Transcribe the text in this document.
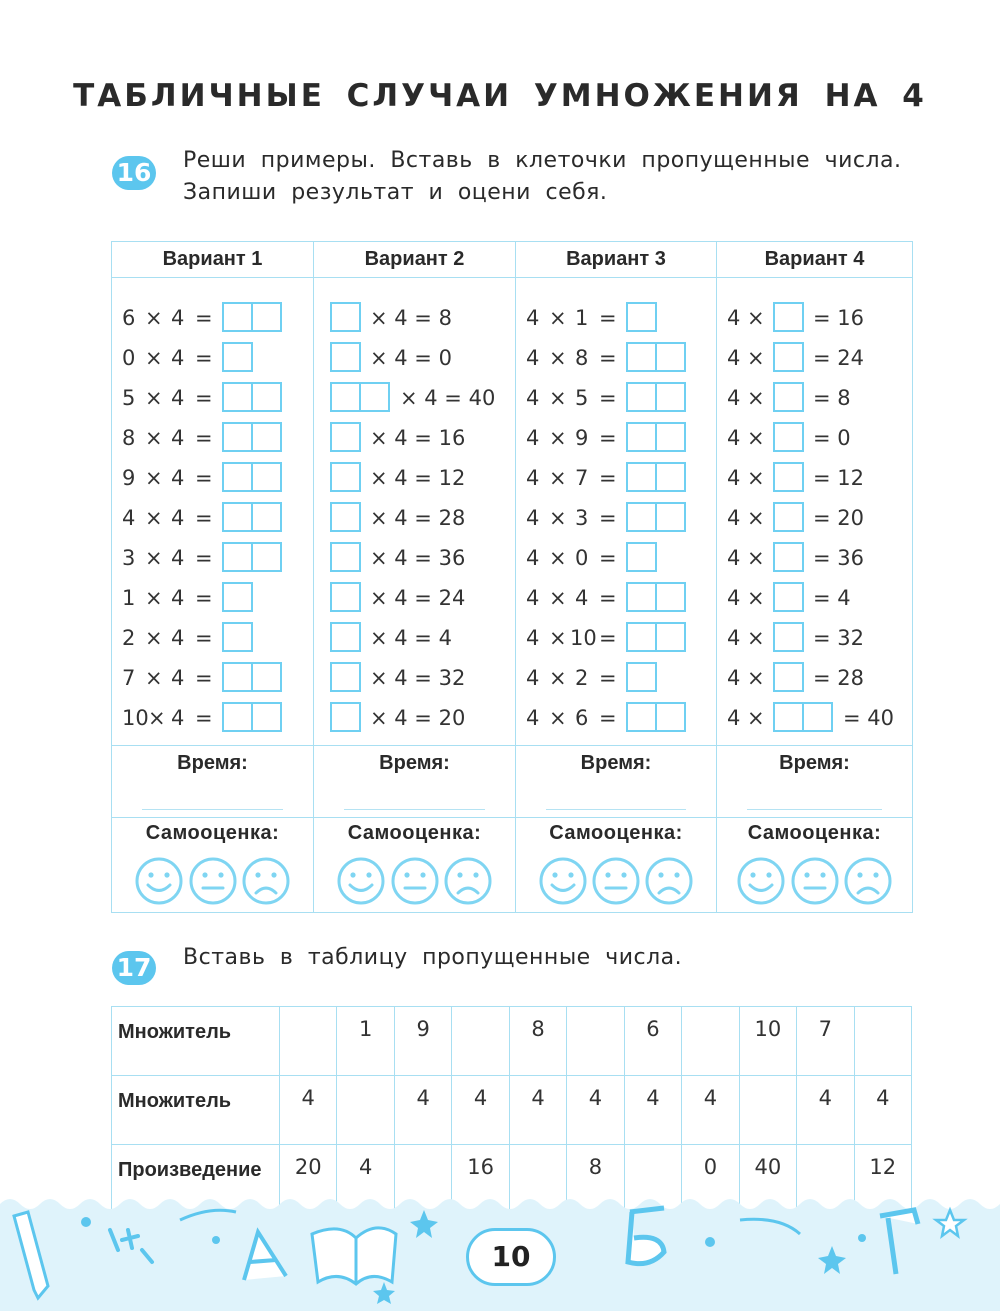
ТАБЛИЧНЫЕ СЛУЧАИ УМНОЖЕНИЯ НА 4
16 Реши примеры. Вставь в клеточки пропущенные числа.
Запиши результат и оцени себя.
Вариант 1
6 × 4 =
0 × 4 =
5 × 4 =
8 × 4 =
9 × 4 =
4 × 4 =
3 × 4 =
1 × 4 =
2 × 4 =
7 × 4 =
10 × 4 =
Время:
Самооценка:

Вариант 2
× 4 = 8
× 4 = 0
× 4 = 40
× 4 = 16
× 4 = 12
× 4 = 28
× 4 = 36
× 4 = 24
× 4 = 4
× 4 = 32
× 4 = 20
Время:
Самооценка:

Вариант 3
4 × 1 =
4 × 8 =
4 × 5 =
4 × 9 =
4 × 7 =
4 × 3 =
4 × 0 =
4 × 4 =
4 × 10 =
4 × 2 =
4 × 6 =
Время:
Самооценка:

Вариант 4
4 × = 16
4 × = 24
4 × = 8
4 × = 0
4 × = 12
4 × = 20
4 × = 36
4 × = 4
4 × = 32
4 × = 28
4 ×	= 40
Время:
Самооценка:

17 Вставь в таблицу пропущенные числа.
Множитель		1	9		8		6		10	7	
Множитель	4		4	4	4	4	4	4		4	4
Произведение	20	4		16		8		0	40		12
10
